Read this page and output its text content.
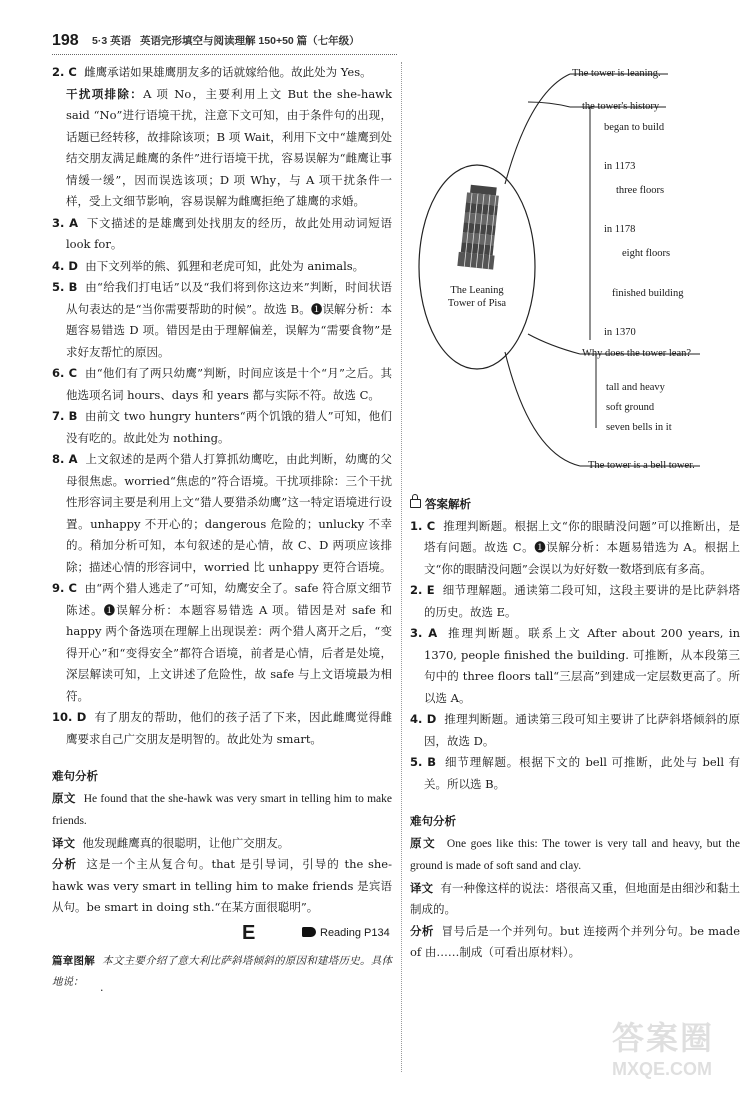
198 5·3 英语 英语完形填空与阅读理解 150+50 篇（七年级）

2. C 雌鹰承诺如果雄鹰朋友多的话就嫁给他。故此处为 Yes。

干扰项排除：A 项 No，主要利用上文 But the she-hawk said “No”进行语境干扰，注意下文可知，由于条件句的出现，话题已经转移，故排除该项；B 项 Wait，利用下文中“雄鹰到处结交朋友满足雌鹰的条件”进行语境干扰，容易误解为“雌鹰让事情缓一缓”，因而误选该项；D 项 Why，与 A 项干扰条件一样，受上文细节影响，容易误解为雌鹰拒绝了雄鹰的求婚。

3. A 下文描述的是雄鹰到处找朋友的经历，故此处用动词短语 look for。

4. D 由下文列举的熊、狐狸和老虎可知，此处为 animals。

5. B 由“给我们打电话”以及“我们将到你这边来”判断，时间状语从句表达的是“当你需要帮助的时候”。故选 B。❶误解分析：本题容易错选 D 项。错因是由于理解偏差，误解为“需要食物”是求好友帮忙的原因。

6. C 由“他们有了两只幼鹰”判断，时间应该是十个“月”之后。其他选项名词 hours、days 和 years 都与实际不符。故选 C。

7. B 由前文 two hungry hunters“两个饥饿的猎人”可知，他们没有吃的。故此处为 nothing。

8. A 上文叙述的是两个猎人打算抓幼鹰吃，由此判断，幼鹰的父母很焦虑。worried“焦虑的”符合语境。干扰项排除：三个干扰性形容词主要是利用上文“猎人要猎杀幼鹰”这一特定语境进行设置。unhappy 不开心的；dangerous 危险的；unlucky 不幸的。稍加分析可知，本句叙述的是心情，故 C、D 两项应该排除；描述心情的形容词中，worried 比 unhappy 更符合语境。

9. C 由“两个猎人逃走了”可知，幼鹰安全了。safe 符合原文细节陈述。❶误解分析：本题容易错选 A 项。错因是对 safe 和 happy 两个备选项在理解上出现误差：两个猎人离开之后，“变得开心”和“变得安全”都符合语境，前者是心情，后者是处境，深层解读可知，上文讲述了危险性，故 safe 与上文语境最为相符。

10. D 有了朋友的帮助，他们的孩子活了下来，因此雌鹰觉得雌鹰要求自己广交朋友是明智的。故此处为 smart。

难句分析

原文 He found that the she-hawk was very smart in telling him to make friends.

译文 他发现雌鹰真的很聪明，让他广交朋友。

分析 这是一个主从复合句。that 是引导词，引导的 the she-hawk was very smart in telling him to make friends 是宾语从句。be smart in doing sth.“在某方面很聪明”。

E	Reading P134

篇章图解 本文主要介绍了意大利比萨斜塔倾斜的原因和建塔历史。具体地说：

·
The Leaning Tower of Pisa
The tower is leaning.
the tower's history
began to build
in 1173
three floors
in 1178
eight floors
finished building
in 1370
Why does the tower lean?
tall and heavy
soft ground
seven bells in it
The tower is a bell tower.

答案解析

1. C 推理判断题。根据上文“你的眼睛没问题”可以推断出，是塔有问题。故选 C。❶误解分析：本题易错选为 A。根据上文“你的眼睛没问题”会误以为好好数一数塔到底有多高。

2. E 细节理解题。通读第二段可知，这段主要讲的是比萨斜塔的历史。故选 E。

3. A 推理判断题。联系上文 After about 200 years, in 1370, people finished the building. 可推断，从本段第三句中的 three floors tall“三层高”到建成一定层数更高了。所以选 A。

4. D 推理判断题。通读第三段可知主要讲了比萨斜塔倾斜的原因，故选 D。

5. B 细节理解题。根据下文的 bell 可推断，此处与 bell 有关。所以选 B。

难句分析

原文 One goes like this: The tower is very tall and heavy, but the ground is made of soft sand and clay.

译文 有一种像这样的说法：塔很高又重，但地面是由细沙和黏土制成的。

分析 冒号后是一个并列句。but 连接两个并列分句。be made of 由……制成（可看出原材料）。

答案圈
MXQE.COM
